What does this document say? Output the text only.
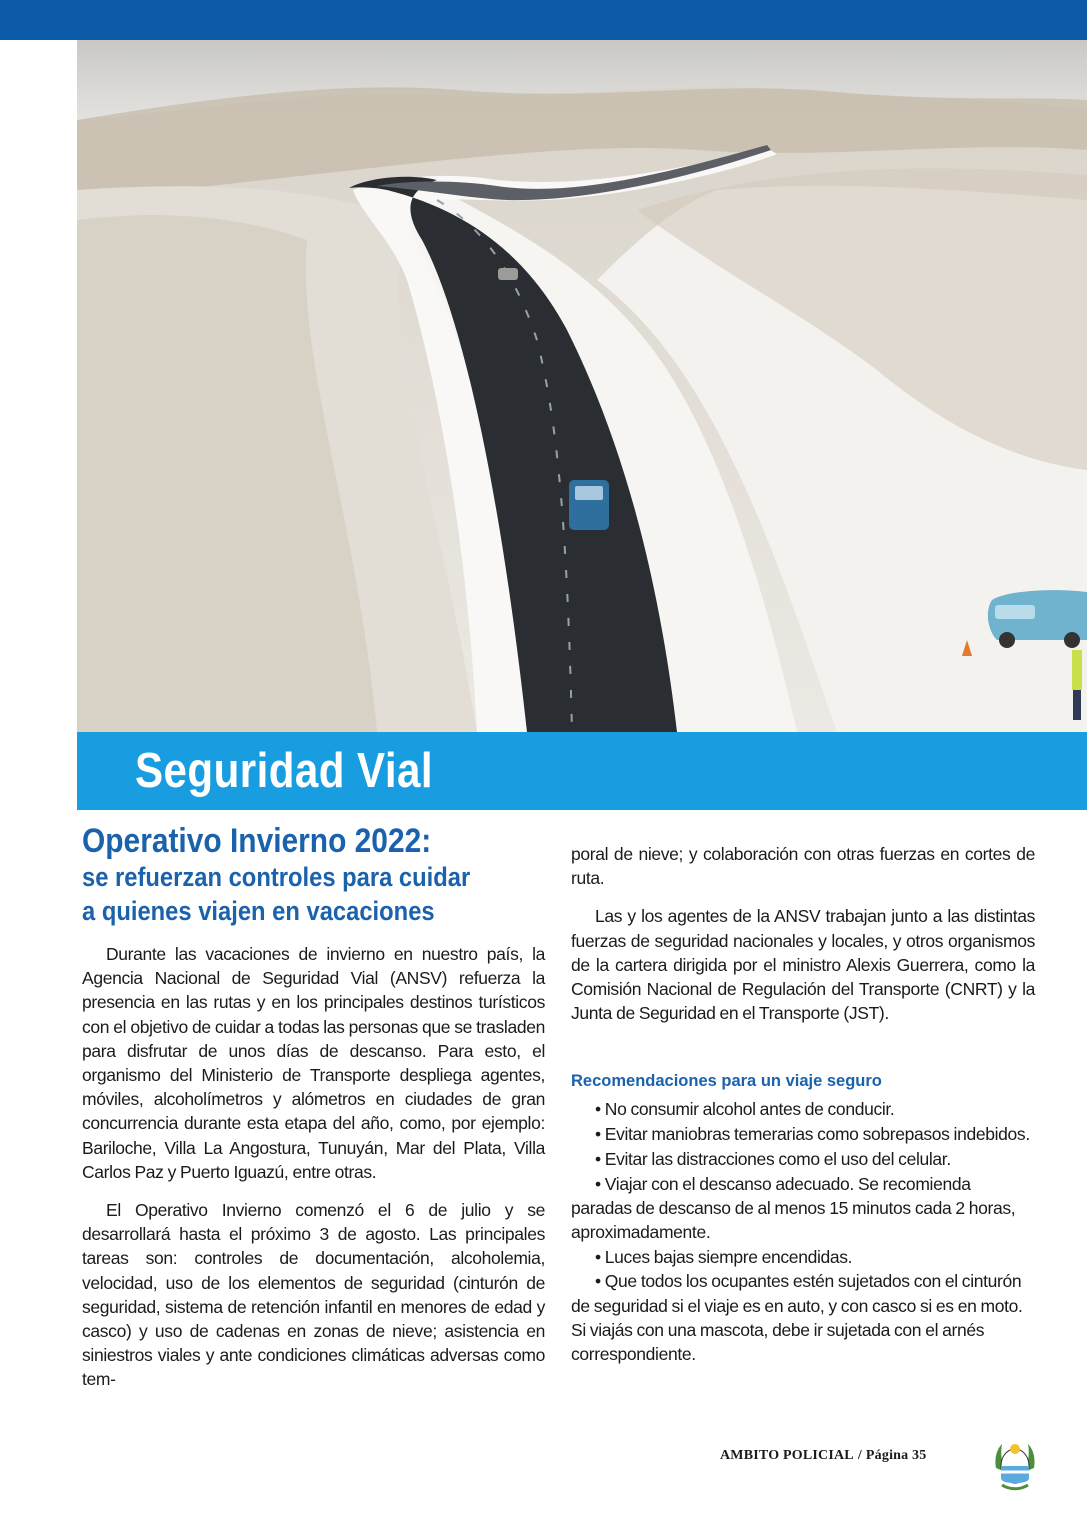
Seguridad Vial
Operativo Invierno 2022:
se refuerzan controles para cuidar
a quienes viajen en vacaciones

Durante las vacaciones de invierno en nuestro país, la Agencia Nacional de Seguridad Vial (ANSV) refuerza la presencia en las rutas y en los principales destinos turísticos con el objetivo de cuidar a todas las personas que se trasladen para disfrutar de unos días de descanso. Para esto, el organismo del Ministerio de Transporte despliega agentes, móviles, alcoholímetros y alómetros en ciudades de gran concurrencia durante esta etapa del año, como, por ejemplo: Bariloche, Villa La Angostura, Tunuyán, Mar del Plata, Villa Carlos Paz y Puerto Iguazú, entre otras.

El Operativo Invierno comenzó el 6 de julio y se desarrollará hasta el próximo 3 de agosto. Las principales tareas son: controles de documentación, alcoholemia, velocidad, uso de los elementos de seguridad (cinturón de seguridad, sistema de retención infantil en menores de edad y casco) y uso de cadenas en zonas de nieve; asistencia en siniestros viales y ante condiciones climáticas adversas como tem-

poral de nieve; y colaboración con otras fuerzas en cortes de ruta.

Las y los agentes de la ANSV trabajan junto a las distintas fuerzas de seguridad nacionales y locales, y otros organismos de la cartera dirigida por el ministro Alexis Guerrera, como la Comisión Nacional de Regulación del Transporte (CNRT) y la Junta de Seguridad en el Transporte (JST).

Recomendaciones para un viaje seguro
• No consumir alcohol antes de conducir.
• Evitar maniobras temerarias como sobrepasos indebidos.
• Evitar las distracciones como el uso del celular.
• Viajar con el descanso adecuado. Se recomienda paradas de descanso de al menos 15 minutos cada 2 horas, aproximadamente.
• Luces bajas siempre encendidas.
• Que todos los ocupantes estén sujetados con el cinturón de seguridad si el viaje es en auto, y con casco si es en moto. Si viajás con una mascota, debe ir sujetada con el arnés correspondiente.
AMBITO POLICIAL / Página 35
